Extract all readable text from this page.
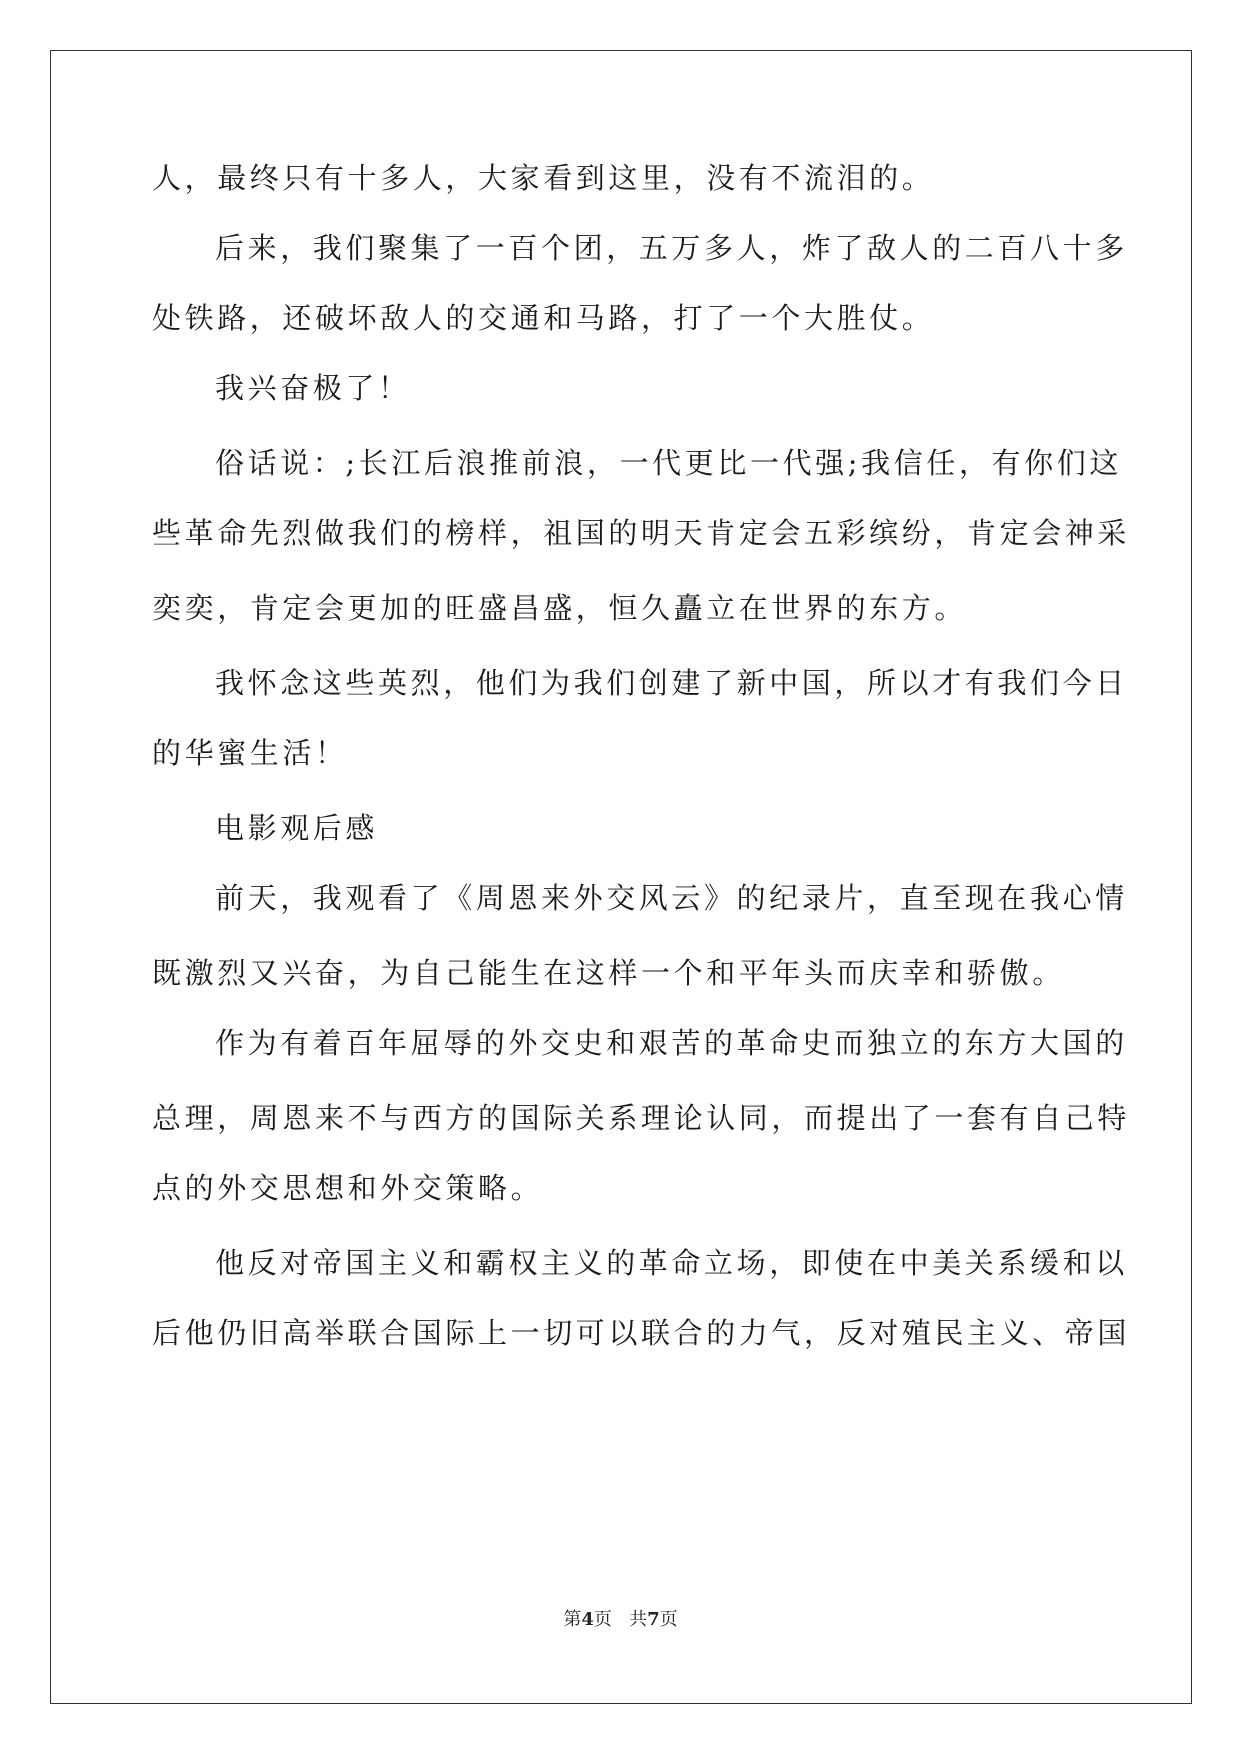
人，最终只有十多人，大家看到这里，没有不流泪的。
后来，我们聚集了一百个团，五万多人，炸了敌人的二百八十多
处铁路，还破坏敌人的交通和马路，打了一个大胜仗。
我兴奋极了！
俗话说：;长江后浪推前浪，一代更比一代强;我信任，有你们这
些革命先烈做我们的榜样，祖国的明天肯定会五彩缤纷，肯定会神采
奕奕，肯定会更加的旺盛昌盛，恒久矗立在世界的东方。
我怀念这些英烈，他们为我们创建了新中国，所以才有我们今日
的华蜜生活！
电影观后感
前天，我观看了《周恩来外交风云》的纪录片，直至现在我心情
既激烈又兴奋，为自己能生在这样一个和平年头而庆幸和骄傲。
作为有着百年屈辱的外交史和艰苦的革命史而独立的东方大国的
总理，周恩来不与西方的国际关系理论认同，而提出了一套有自己特
点的外交思想和外交策略。
他反对帝国主义和霸权主义的革命立场，即使在中美关系缓和以
后他仍旧高举联合国际上一切可以联合的力气，反对殖民主义、帝国
第4页   共7页
